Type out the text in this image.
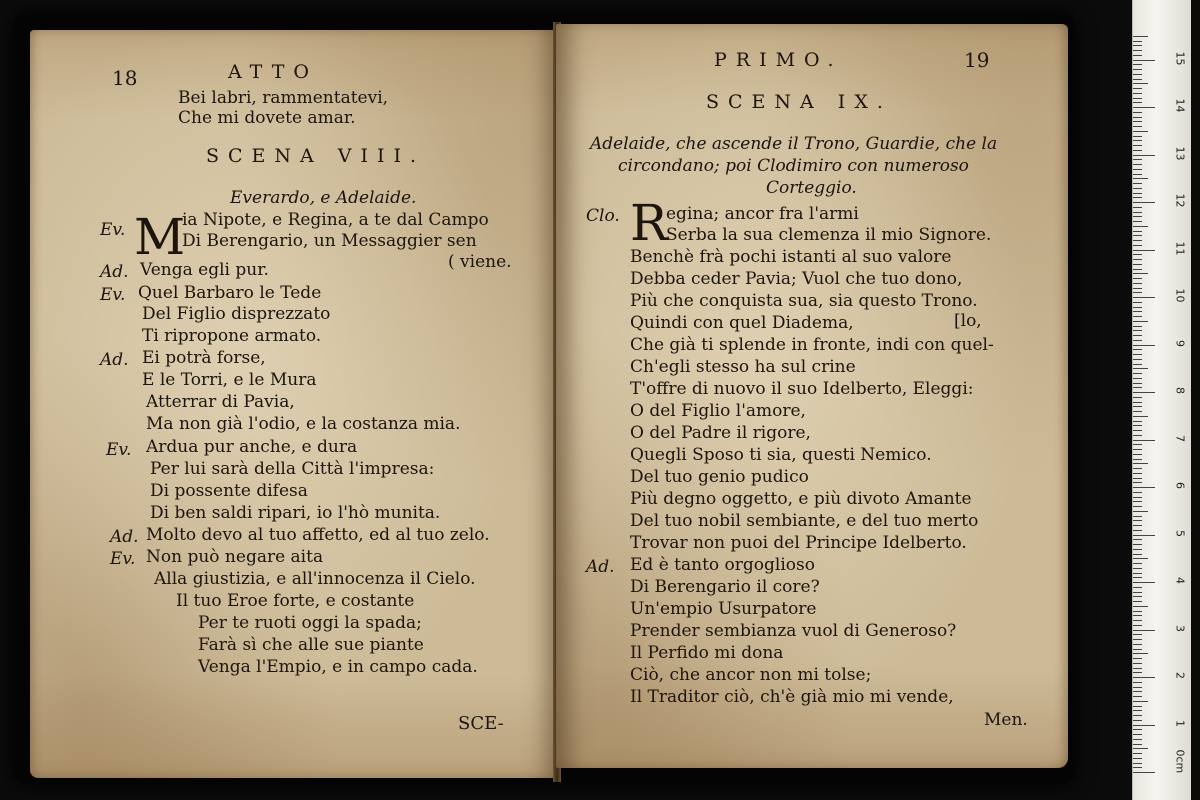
18	ATTO
Bei labri, rammentatevi,
Che mi dovete amar.
SCENA VIII.
Everardo, e Adelaide.
M
Ev.	ia Nipote, e Regina, a te dal Campo
Di Berengario, un Messaggier sen
Ad. Venga egli pur.	( viene.
Ev. Quel Barbaro le Tede
Del Figlio disprezzato
Ti ripropone armato.
Ad. Ei potrà forse,
E le Torri, e le Mura
Atterrar di Pavia,
Ma non già l'odio, e la costanza mia.
Ev. Ardua pur anche, e dura
Per lui sarà della Città l'impresa:
Di possente difesa
Di ben saldi ripari, io l'hò munita.
Ad. Molto devo al tuo affetto, ed al tuo zelo.
Ev. Non può negare aita
Alla giustizia, e all'innocenza il Cielo.
Il tuo Eroe forte, e costante
Per te ruoti oggi la spada;
Farà sì che alle sue piante
Venga l'Empio, e in campo cada.
SCE-
PRIMO.	19
SCENA IX.
Adelaide, che ascende il Trono, Guardie, che la
circondano; poi Clodimiro con numeroso
Corteggio.
Clo. R
egina; ancor fra l'armi
Serba la sua clemenza il mio Signore.
Benchè frà pochi istanti al suo valore
Debba ceder Pavia; Vuol che tuo dono,
Più che conquista sua, sia questo Trono.
Quindi con quel Diadema,	[lo,
Che già ti splende in fronte, indi con quel-
Ch'egli stesso ha sul crine
T'offre di nuovo il suo Idelberto, Eleggi:
O del Figlio l'amore,
O del Padre il rigore,
Quegli Sposo ti sia, questi Nemico.
Del tuo genio pudico
Più degno oggetto, e più divoto Amante
Del tuo nobil sembiante, e del tuo merto
Trovar non puoi del Principe Idelberto.
Ad. Ed è tanto orgoglioso
Di Berengario il core?
Un'empio Usurpatore
Prender sembianza vuol di Generoso?
Il Perfido mi dona
Ciò, che ancor non mi tolse;
Il Traditor ciò, ch'è già mio mi vende,
Men.
0cm
1
2
3
4
5
6
7
8
9
10
11
12
13
14
15
